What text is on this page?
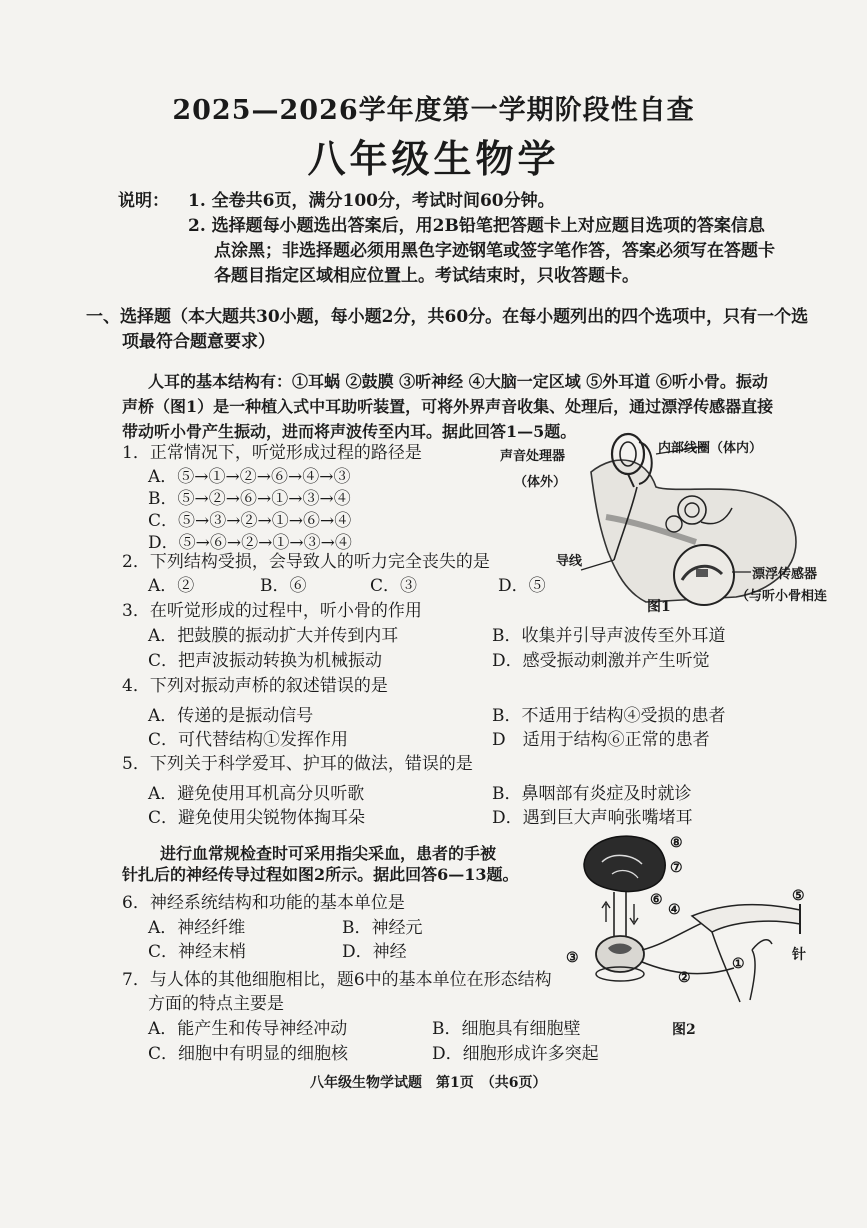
2025—2026学年度第一学期阶段性自查
八年级生物学
说明： 1. 全卷共6页，满分100分，考试时间60分钟。
2. 选择题每小题选出答案后，用2B铅笔把答题卡上对应题目选项的答案信息
点涂黑；非选择题必须用黑色字迹钢笔或签字笔作答，答案必须写在答题卡
各题目指定区域相应位置上。考试结束时，只收答题卡。
一、选择题（本大题共30小题，每小题2分，共60分。在每小题列出的四个选项中，只有一个选
项最符合题意要求）
人耳的基本结构有：①耳蜗 ②鼓膜 ③听神经 ④大脑一定区域 ⑤外耳道 ⑥听小骨。振动
声桥（图1）是一种植入式中耳助听装置，可将外界声音收集、处理后，通过漂浮传感器直接
带动听小骨产生振动，进而将声波传至内耳。据此回答1—5题。
1．正常情况下，听觉形成过程的路径是
A．⑤→①→②→⑥→④→③
B．⑤→②→⑥→①→③→④
C．⑤→③→②→①→⑥→④
D．⑤→⑥→②→①→③→④
2．下列结构受损，会导致人的听力完全丧失的是
A．②	B．⑥	C．③	D．⑤
声音处理器
（体外）
内部线圈（体内）
导线
漂浮传感器
（与听小骨相连
图1
3．在听觉形成的过程中，听小骨的作用
A．把鼓膜的振动扩大并传到内耳	B．收集并引导声波传至外耳道
C．把声波振动转换为机械振动	D．感受振动刺激并产生听觉
4．下列对振动声桥的叙述错误的是
A．传递的是振动信号	B．不适用于结构④受损的患者
C．可代替结构①发挥作用	D　适用于结构⑥正常的患者
5．下列关于科学爱耳、护耳的做法，错误的是
A．避免使用耳机高分贝听歌	B．鼻咽部有炎症及时就诊
C．避免使用尖锐物体掏耳朵	D．遇到巨大声响张嘴堵耳
进行血常规检查时可采用指尖采血，患者的手被
针扎后的神经传导过程如图2所示。据此回答6—13题。
6．神经系统结构和功能的基本单位是
A．神经纤维	B．神经元
C．神经末梢	D．神经
7．与人体的其他细胞相比，题6中的基本单位在形态结构
方面的特点主要是
A．能产生和传导神经冲动	B．细胞具有细胞壁
C．细胞中有明显的细胞核	D．细胞形成许多突起
⑧
⑦
⑥
④
⑤
③
②
①
针
图2
八年级生物学试题　第1页　（共6页）
